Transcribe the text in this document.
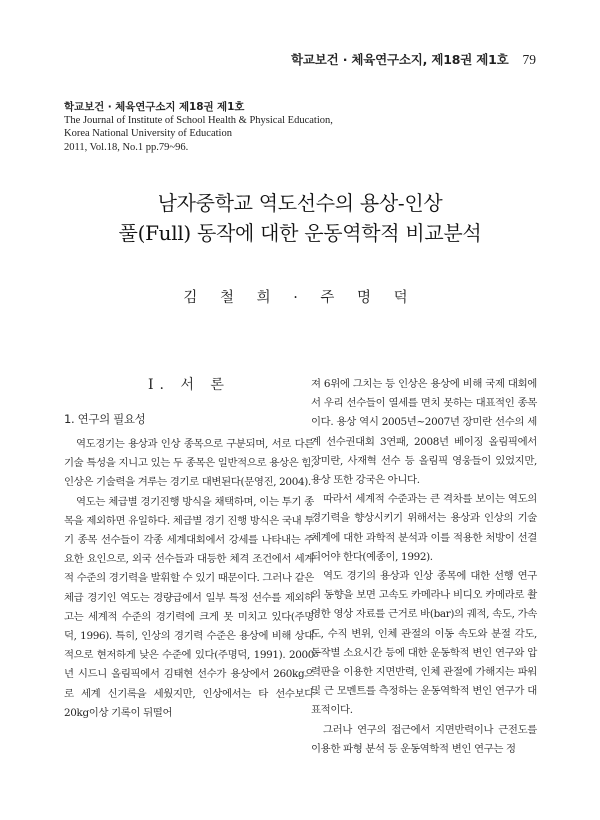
학교보건 · 체육연구소지, 제18권 제1호 79
학교보건 · 체육연구소지 제18권 제1호
The Journal of Institute of School Health & Physical Education,
Korea National University of Education
2011, Vol.18, No.1 pp.79~96.
남자중학교 역도선수의 용상-인상
풀(Full) 동작에 대한 운동역학적 비교분석
김 철 희 · 주 명 덕
Ⅰ. 서 론
1. 연구의 필요성

역도경기는 용상과 인상 종목으로 구분되며, 서로 다른 기술 특성을 지니고 있는 두 종목은 일반적으로 용상은 힘, 인상은 기술력을 겨루는 경기로 대변된다(문영진, 2004).

역도는 체급별 경기진행 방식을 채택하며, 이는 투기 종목을 제외하면 유일하다. 체급별 경기 진행 방식은 국내 투기 종목 선수들이 각종 세계대회에서 강세를 나타내는 주요한 요인으로, 외국 선수들과 대등한 체격 조건에서 세계적 수준의 경기력을 발휘할 수 있기 때문이다. 그러나 같은 체급 경기인 역도는 경량급에서 일부 특정 선수를 제외하고는 세계적 수준의 경기력에 크게 못 미치고 있다(주명덕, 1996). 특히, 인상의 경기력 수준은 용상에 비해 상대적으로 현저하게 낮은 수준에 있다(주명덕, 1991). 2000년 시드니 올림픽에서 김태현 선수가 용상에서 260kg으로 세계 신기록을 세웠지만, 인상에서는 타 선수보다 20kg이상 기록이 뒤떨어

져 6위에 그치는 등 인상은 용상에 비해 국제 대회에서 우리 선수들이 열세를 면치 못하는 대표적인 종목이다. 용상 역시 2005년~2007년 장미란 선수의 세계 선수권대회 3연패, 2008년 베이징 올림픽에서 장미란, 사재혁 선수 등 올림픽 영웅들이 있었지만, 용상 또한 강국은 아니다.

따라서 세계적 수준과는 큰 격차를 보이는 역도의 경기력을 향상시키기 위해서는 용상과 인상의 기술체계에 대한 과학적 분석과 이를 적용한 처방이 선결되어야 한다(예종이, 1992).

역도 경기의 용상과 인상 종목에 대한 선행 연구의 동향을 보면 고속도 카메라나 비디오 카메라로 촬영한 영상 자료를 근거로 바(bar)의 궤적, 속도, 가속도, 수직 변위, 인체 관절의 이동 속도와 분절 각도, 동작별 소요시간 등에 대한 운동학적 변인 연구와 압력판을 이용한 지면반력, 인체 관절에 가해지는 파워 및 근 모멘트를 측정하는 운동역학적 변인 연구가 대표적이다.

그러나 연구의 접근에서 지면반력이나 근전도를 이용한 파형 분석 등 운동역학적 변인 연구는 정
